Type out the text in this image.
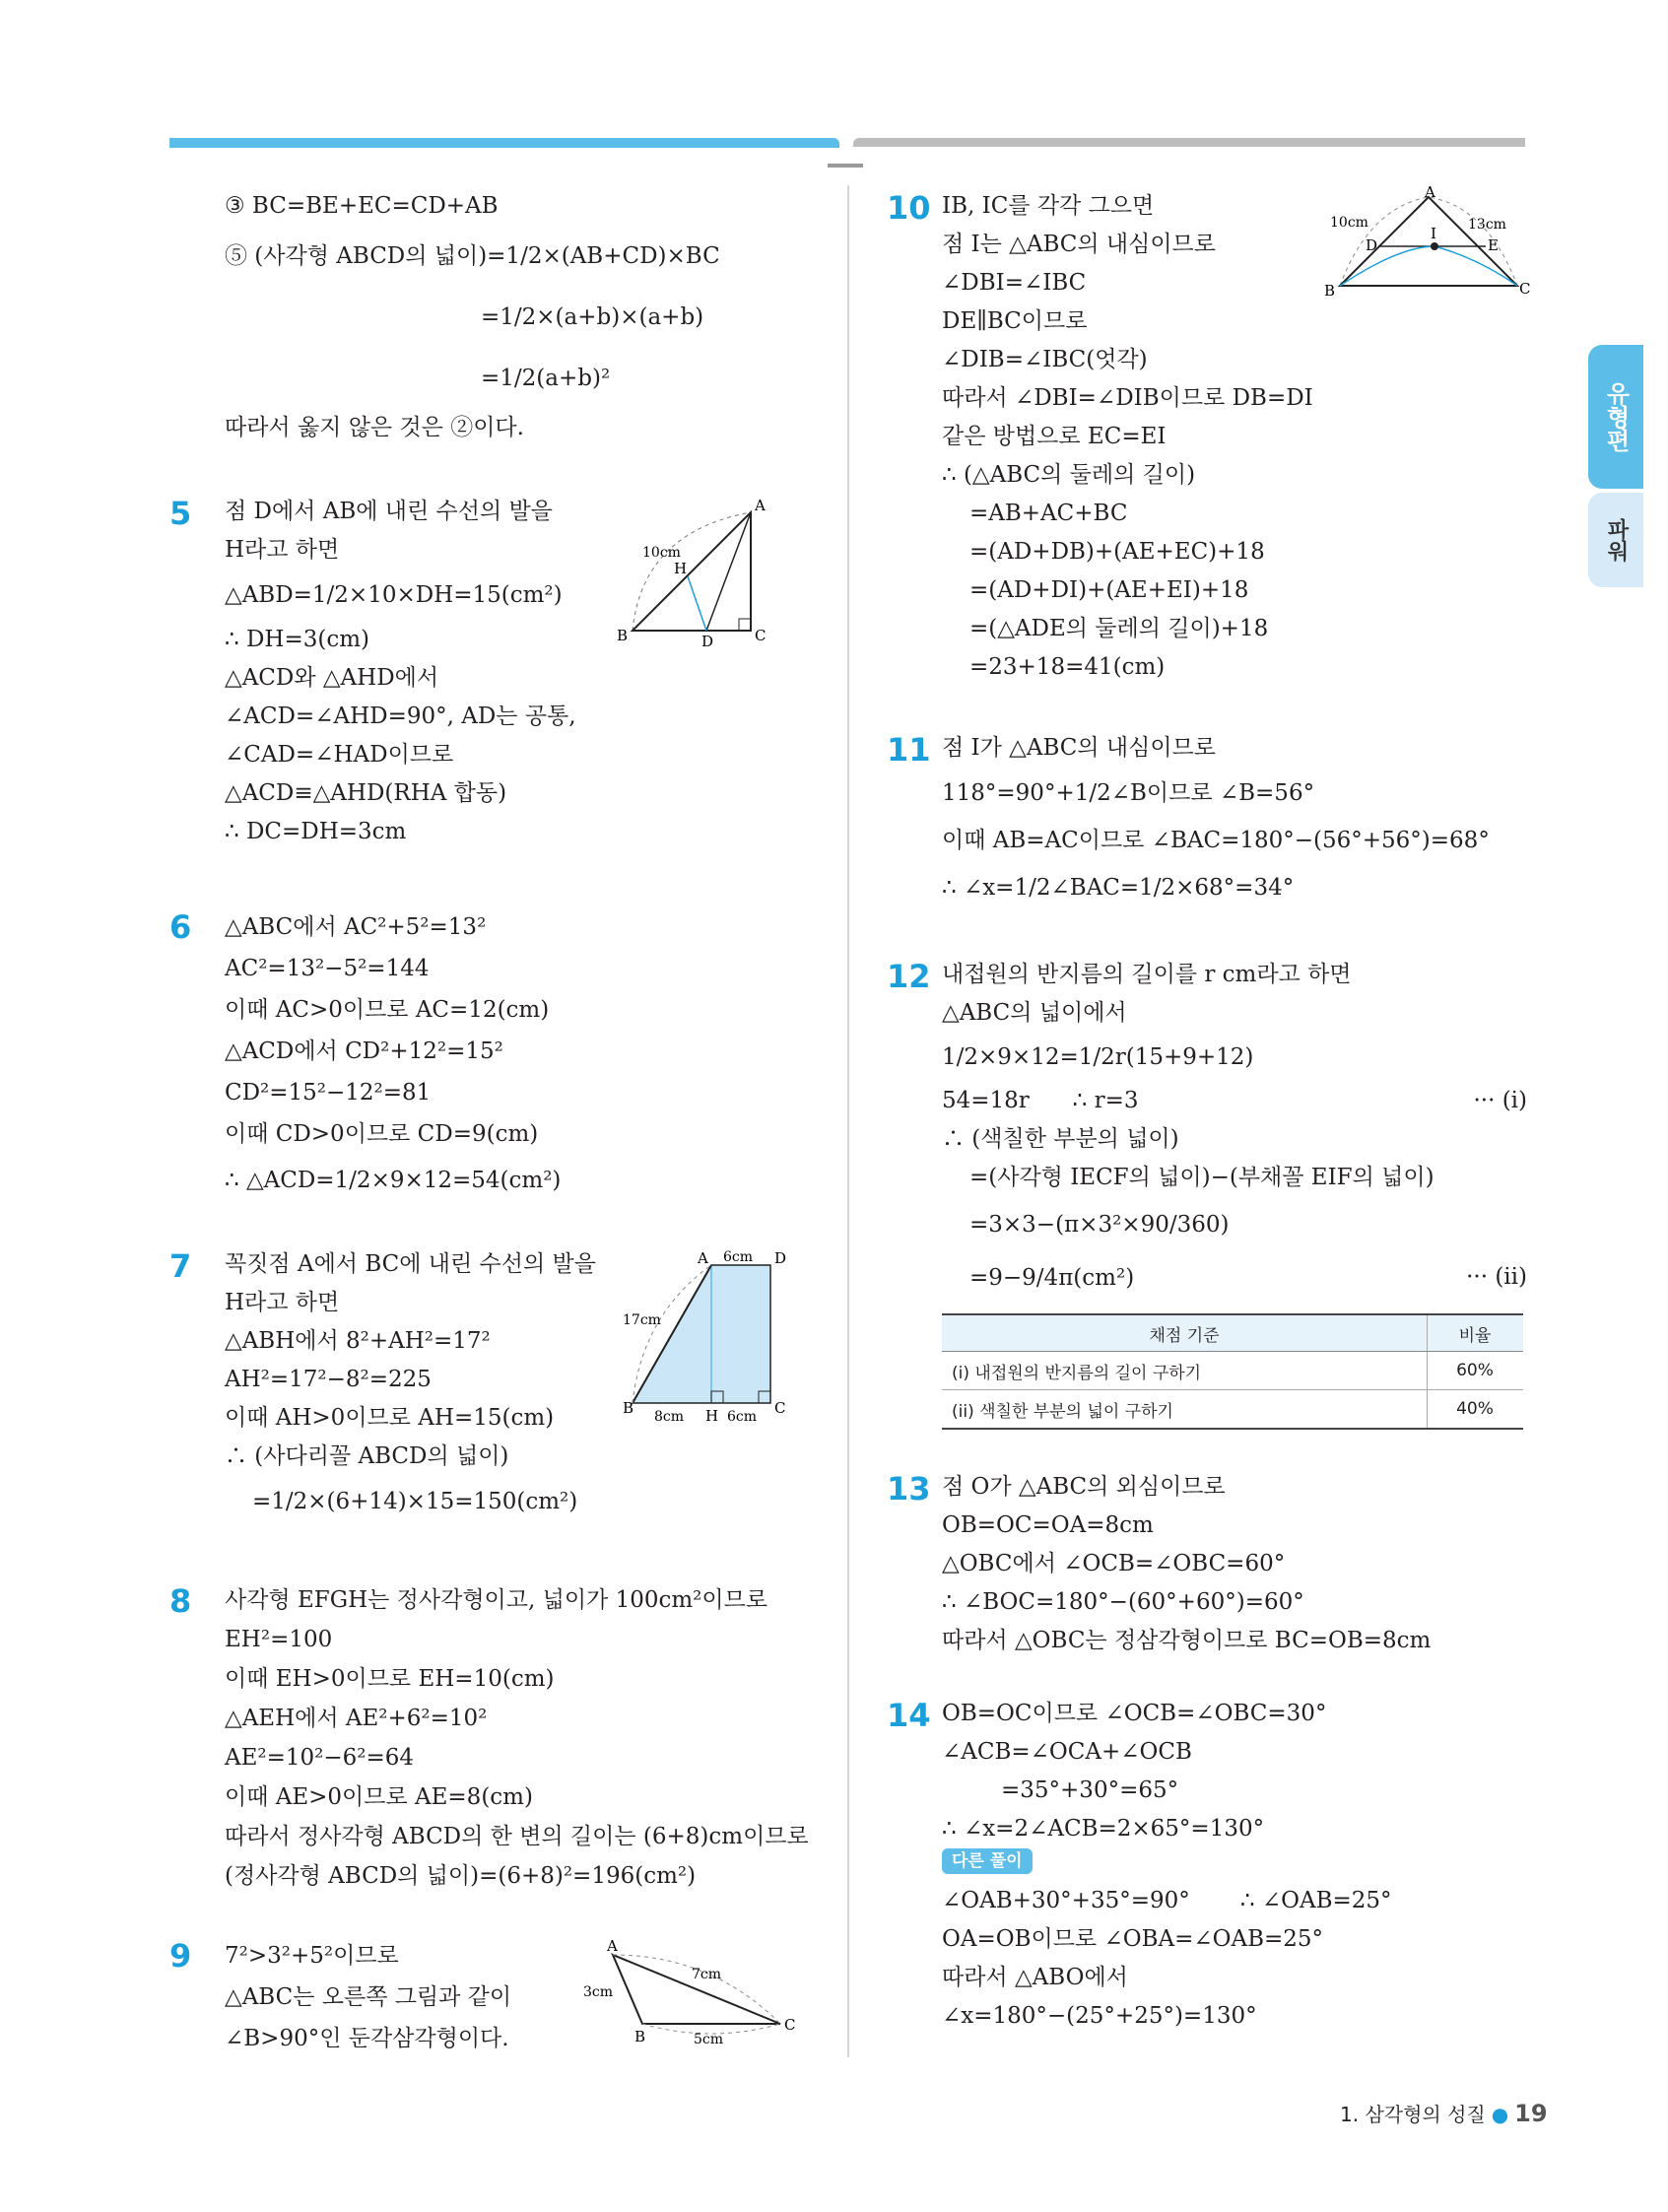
유형편
파워
③ BC=BE+EC=CD+AB
⑤ (사각형 ABCD의 넓이)=1/2×(AB+CD)×BC
=1/2×(a+b)×(a+b)
=1/2(a+b)²
따라서 옳지 않은 것은 ②이다.
5 점 D에서 AB에 내린 수선의 발을
H라고 하면
△ABD=1/2×10×DH=15(cm²)
∴ DH=3(cm)
△ACD와 △AHD에서
∠ACD=∠AHD=90°, AD는 공통,
∠CAD=∠HAD이므로
△ACD≡△AHD(RHA 합동)
∴ DC=DH=3cm
A
B	C
D
H
10cm
6 △ABC에서 AC²+5²=13²
AC²=13²−5²=144
이때 AC>0이므로 AC=12(cm)
△ACD에서 CD²+12²=15²
CD²=15²−12²=81
이때 CD>0이므로 CD=9(cm)
∴ △ACD=1/2×9×12=54(cm²)
7 꼭짓점 A에서 BC에 내린 수선의 발을
H라고 하면
△ABH에서 8²+AH²=17²
AH²=17²−8²=225
이때 AH>0이므로 AH=15(cm)
∴ (사다리꼴 ABCD의 넓이)
=1/2×(6+14)×15=150(cm²)
A	D
B	C
H
6cm
17cm
8cm	6cm
8 사각형 EFGH는 정사각형이고, 넓이가 100cm²이므로
EH²=100
이때 EH>0이므로 EH=10(cm)
△AEH에서 AE²+6²=10²
AE²=10²−6²=64
이때 AE>0이므로 AE=8(cm)
따라서 정사각형 ABCD의 한 변의 길이는 (6+8)cm이므로
(정사각형 ABCD의 넓이)=(6+8)²=196(cm²)
9 7²>3²+5²이므로
△ABC는 오른쪽 그림과 같이
∠B>90°인 둔각삼각형이다.
A
B
C
3cm
7cm
5cm
10 IB, IC를 각각 그으면
점 I는 △ABC의 내심이므로
∠DBI=∠IBC
DE∥BC이므로
∠DIB=∠IBC(엇각)
따라서 ∠DBI=∠DIB이므로 DB=DI
같은 방법으로 EC=EI
∴ (△ABC의 둘레의 길이)
=AB+AC+BC
=(AD+DB)+(AE+EC)+18
=(AD+DI)+(AE+EI)+18
=(△ADE의 둘레의 길이)+18
=23+18=41(cm)
A
B	C
D	E
I
10cm	13cm
11 점 I가 △ABC의 내심이므로
118°=90°+1/2∠B이므로 ∠B=56°
이때 AB=AC이므로 ∠BAC=180°−(56°+56°)=68°
∴ ∠x=1/2∠BAC=1/2×68°=34°
12 내접원의 반지름의 길이를 r cm라고 하면
△ABC의 넓이에서
1/2×9×12=1/2r(15+9+12)
54=18r      ∴ r=3	··· (i)
∴ (색칠한 부분의 넓이)
=(사각형 IECF의 넓이)−(부채꼴 EIF의 넓이)
=3×3−(π×3²×90/360)
=9−9/4π(cm²)	··· (ii)
채점 기준	비율
(i) 내접원의 반지름의 길이 구하기	60%
(ii) 색칠한 부분의 넓이 구하기	40%
13 점 O가 △ABC의 외심이므로
OB=OC=OA=8cm
△OBC에서 ∠OCB=∠OBC=60°
∴ ∠BOC=180°−(60°+60°)=60°
따라서 △OBC는 정삼각형이므로 BC=OB=8cm
14 OB=OC이므로 ∠OCB=∠OBC=30°
∠ACB=∠OCA+∠OCB
=35°+30°=65°
∴ ∠x=2∠ACB=2×65°=130°
다른 풀이
∠OAB+30°+35°=90°       ∴ ∠OAB=25°
OA=OB이므로 ∠OBA=∠OAB=25°
따라서 △ABO에서
∠x=180°−(25°+25°)=130°
1. 삼각형의 성질 ● 19
